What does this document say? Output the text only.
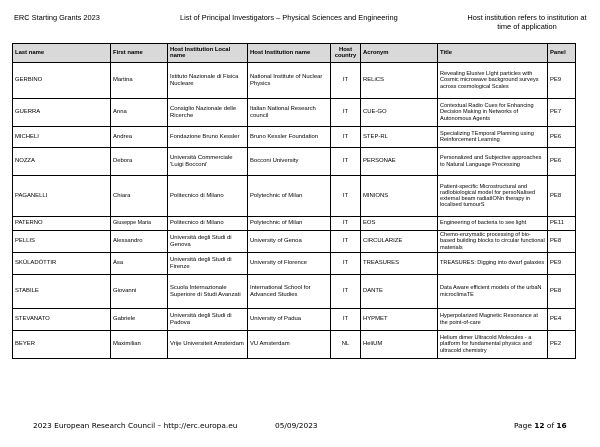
ERC Starting Grants 2023	List of Principal Investigators – Physical Sciences and Engineering	Host institution refers to institution at time of application
Last name	First name	Host Institution Local name	Host Institution name	Host country	Acronym	Title	Panel
GERBINO	Martina	Istituto Nazionale di Fisica Nucleare	National Institute of Nuclear Physics	IT	RELiCS	Revealing Elusive LIght particles with Cosmic microwave background surveys across cosmological Scales	PE9
GUERRA	Anna	Consiglio Nazionale delle Ricerche	Italian National Research council	IT	CUE-GO	Contextual Radio Cues for Enhancing Decision Making in Networks of Autonomous Agents	PE7
MICHELI	Andrea	Fondazione Bruno Kessler	Bruno Kessler Foundation	IT	STEP-RL	Specializing TEmporal Planning using Reinforcement Learning	PE6
NOZZA	Debora	Università Commerciale 'Luigi Bocconi'	Bocconi University	IT	PERSONAE	Personalized and Subjective approaches to Natural Language Processing	PE6
PAGANELLI	Chiara	Politecnico di Milano	Polytechnic of Milan	IT	MINIONS	Patient-specific Microstructural and radIobiological model for persoNalised external beam radiatIONn therapy in localised tumourS	PE8
PATERNO	Giuseppe Maria	Politecnico di Milano	Polytechnic of Milan	IT	EOS	Engineering of bacteria to see light	PE11
PELLIS	Alessandro	Università degli Studi di Genova	University of Genoa	IT	CIRCULARIZE	Chemo-enzymatic processing of bio-based building blocks to circular functional materials	PE8
SKÜLADÓTTIR	Ása	Università degli Studi di Firenze	University of Florence	IT	TREASURES	TREASURES: Digging into dwarf galaxies	PE9
STABILE	Giovanni	Scuola Internazionale Superiore di Studi Avanzati	International School for Advanced Studies	IT	DANTE	Data Aware efficient models of the urbaN microclimaTE	PE8
STEVANATO	Gabriele	Università degli Studi di Padova	University of Padua	IT	HYPMET	Hyperpolarized Magnetic Resonance at the point-of-care	PE4
BEYER	Maximilian	Vrije Universiteit Amsterdam	VU Amsterdam	NL	HeliUM	Helium dimer Ultracold Molecules - a platform for fundamental physics and ultracold chemistry	PE2
2023 European Research Council – http://erc.europa.eu	05/09/2023	Page 12 of 16
